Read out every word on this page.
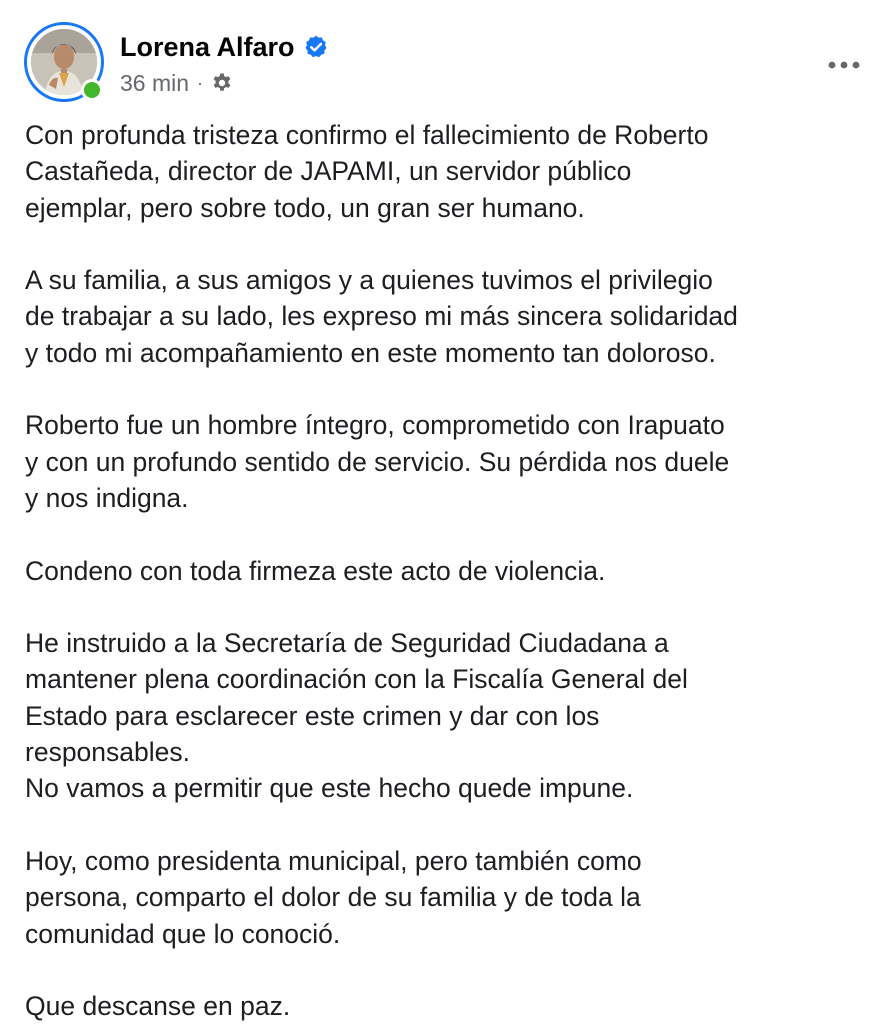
Lorena Alfaro
36 min ·

Con profunda tristeza confirmo el fallecimiento de Roberto
Castañeda, director de JAPAMI, un servidor público
ejemplar, pero sobre todo, un gran ser humano.

A su familia, a sus amigos y a quienes tuvimos el privilegio
de trabajar a su lado, les expreso mi más sincera solidaridad
y todo mi acompañamiento en este momento tan doloroso.

Roberto fue un hombre íntegro, comprometido con Irapuato
y con un profundo sentido de servicio. Su pérdida nos duele
y nos indigna.

Condeno con toda firmeza este acto de violencia.

He instruido a la Secretaría de Seguridad Ciudadana a
mantener plena coordinación con la Fiscalía General del
Estado para esclarecer este crimen y dar con los
responsables.
No vamos a permitir que este hecho quede impune.

Hoy, como presidenta municipal, pero también como
persona, comparto el dolor de su familia y de toda la
comunidad que lo conoció.

Que descanse en paz.
